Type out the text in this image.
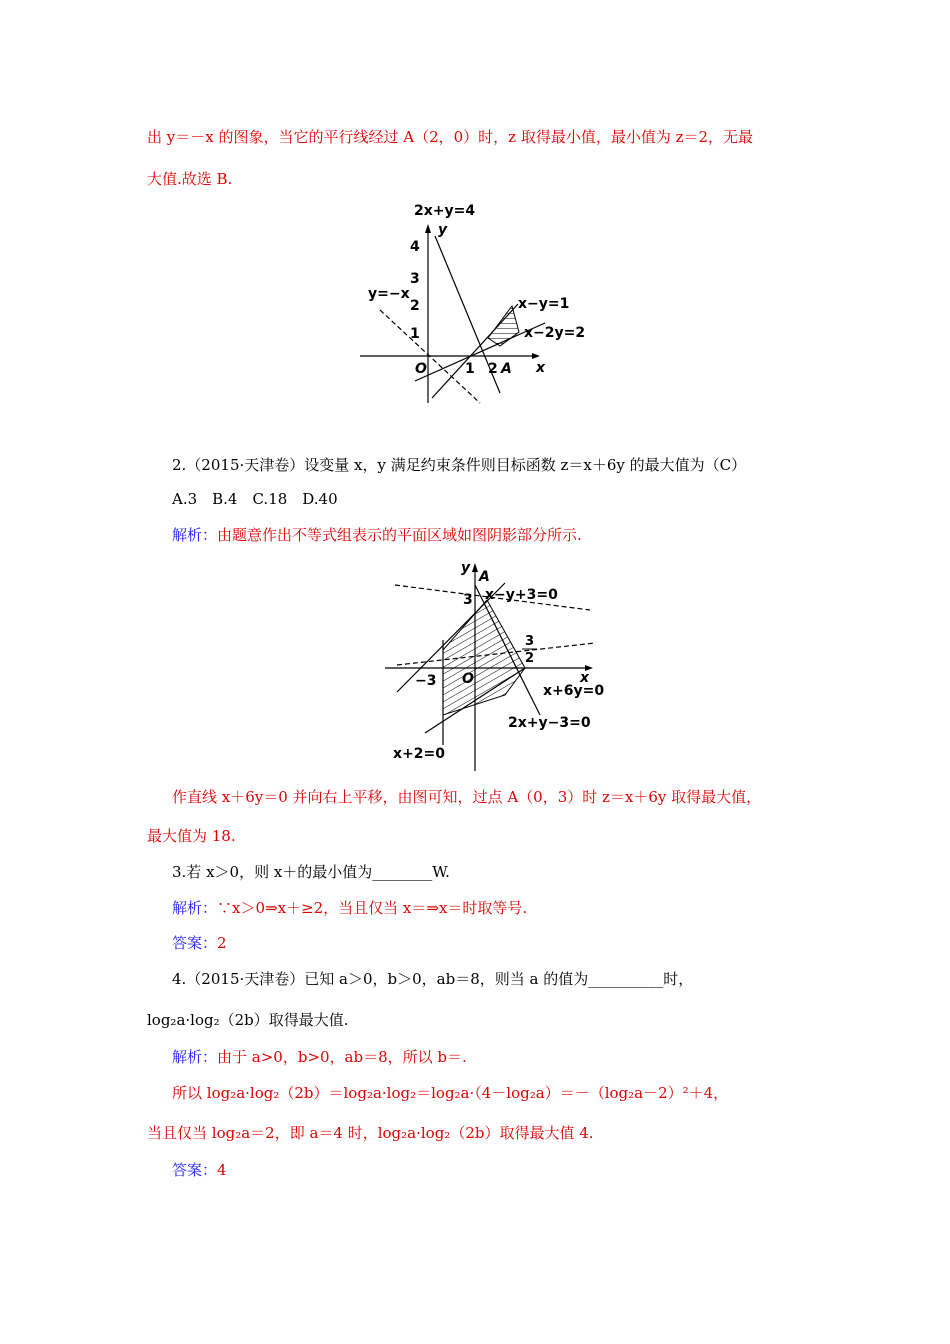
出 y＝－x 的图象，当它的平行线经过 A（2，0）时，z 取得最小值，最小值为 z＝2，无最
大值.故选 B.
2x+y=4
y
y=−x
x−y=1
x−2y=2
4
3
2
1
O	1 2 A x
2.（2015·天津卷）设变量 x，y 满足约束条件则目标函数 z＝x＋6y 的最大值为（C）
A.3　B.4　C.18　D.40
解析：由题意作出不等式组表示的平面区域如图阴影部分所示.
y
A
3 x−y+3=0
3
2
x
−3 O
x+6y=0
2x+y−3=0
x+2=0
作直线 x＋6y＝0 并向右上平移，由图可知，过点 A（0，3）时 z＝x＋6y 取得最大值，
最大值为 18.
3.若 x＞0，则 x＋的最小值为________W.
解析：∵x＞0⇒x＋≥2，当且仅当 x＝⇒x＝时取等号.
答案：2
4.（2015·天津卷）已知 a＞0，b＞0，ab＝8，则当 a 的值为__________时，
log₂a·log₂（2b）取得最大值.
解析：由于 a>0，b>0，ab＝8，所以 b＝.
所以 log₂a·log₂（2b）＝log₂a·log₂＝log₂a·（4－log₂a）＝－（log₂a－2）²＋4，
当且仅当 log₂a＝2，即 a＝4 时，log₂a·log₂（2b）取得最大值 4.
答案：4
